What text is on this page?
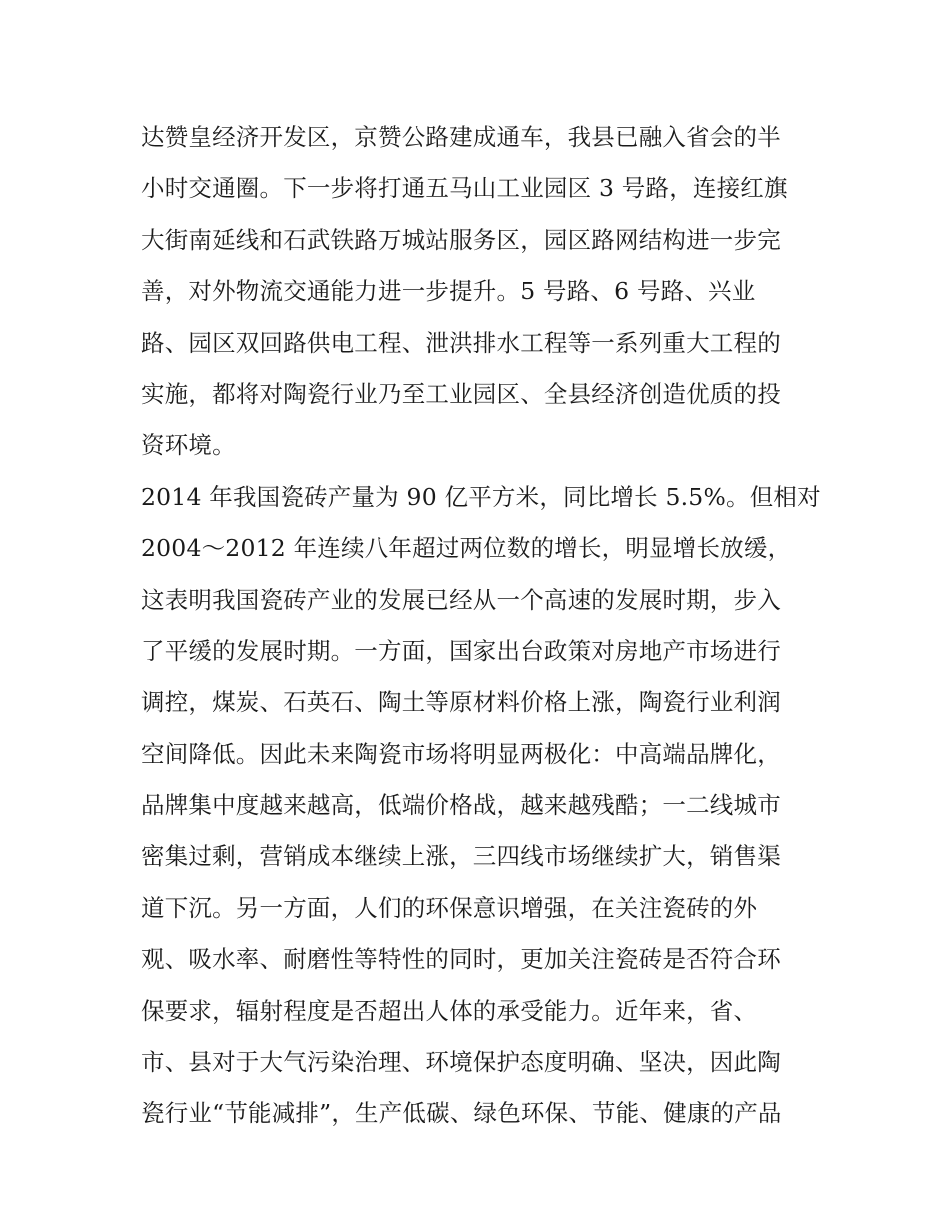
达赞皇经济开发区，京赞公路建成通车，我县已融入省会的半
小时交通圈。下一步将打通五马山工业园区 3 号路，连接红旗
大街南延线和石武铁路万城站服务区，园区路网结构进一步完
善，对外物流交通能力进一步提升。5 号路、6 号路、兴业
路、园区双回路供电工程、泄洪排水工程等一系列重大工程的
实施，都将对陶瓷行业乃至工业园区、全县经济创造优质的投
资环境。
2014 年我国瓷砖产量为 90 亿平方米，同比增长 5.5%。但相对
2004～2012 年连续八年超过两位数的增长，明显增长放缓，
这表明我国瓷砖产业的发展已经从一个高速的发展时期，步入
了平缓的发展时期。一方面，国家出台政策对房地产市场进行
调控，煤炭、石英石、陶土等原材料价格上涨，陶瓷行业利润
空间降低。因此未来陶瓷市场将明显两极化：中高端品牌化，
品牌集中度越来越高，低端价格战，越来越残酷；一二线城市
密集过剩，营销成本继续上涨，三四线市场继续扩大，销售渠
道下沉。另一方面，人们的环保意识增强，在关注瓷砖的外
观、吸水率、耐磨性等特性的同时，更加关注瓷砖是否符合环
保要求，辐射程度是否超出人体的承受能力。近年来，省、
市、县对于大气污染治理、环境保护态度明确、坚决，因此陶
瓷行业“节能减排”，生产低碳、绿色环保、节能、健康的产品
